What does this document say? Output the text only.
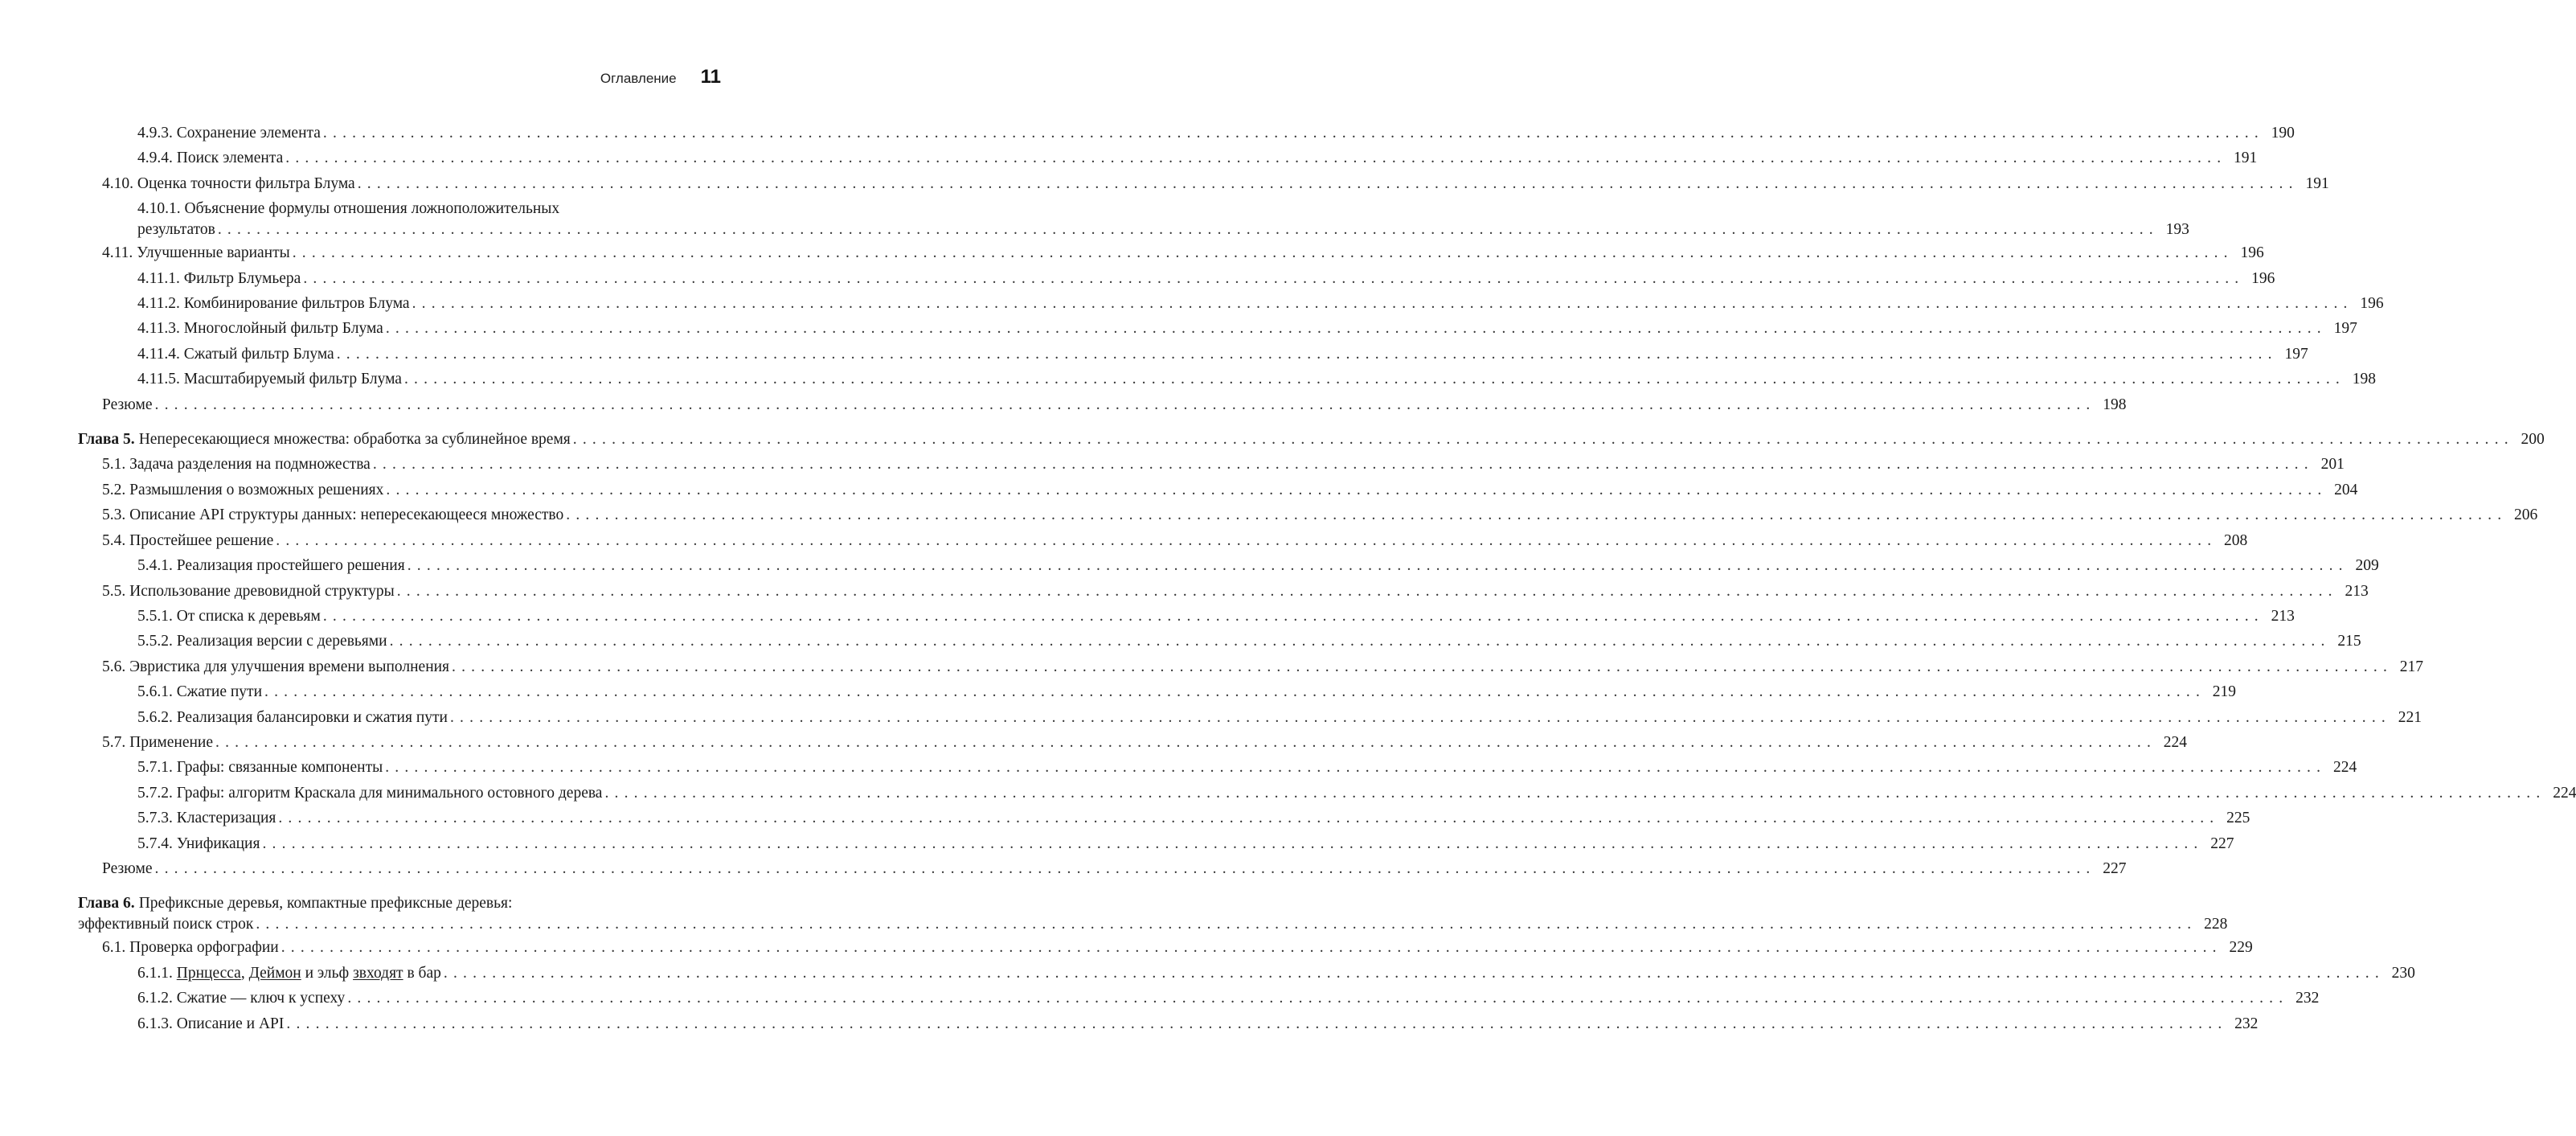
Оглавление 11
4.9.3. Сохранение элемента ........................................................................................................................................................................................................ 190
4.9.4. Поиск элемента ........................................................................................................................................................................................................ 191
4.10. Оценка точности фильтра Блума ........................................................................................................................................................................................................ 191
4.10.1. Объяснение формулы отношения ложноположительных
результатов ........................................................................................................................................................................................................ 193
4.11. Улучшенные варианты ........................................................................................................................................................................................................ 196
4.11.1. Фильтр Блумьера ........................................................................................................................................................................................................ 196
4.11.2. Комбинирование фильтров Блума ........................................................................................................................................................................................................ 196
4.11.3. Многослойный фильтр Блума ........................................................................................................................................................................................................ 197
4.11.4. Сжатый фильтр Блума ........................................................................................................................................................................................................ 197
4.11.5. Масштабируемый фильтр Блума ........................................................................................................................................................................................................ 198
Резюме ........................................................................................................................................................................................................ 198
Глава 5. Непересекающиеся множества: обработка за сублинейное время ........................................................................................................................................................................................................ 200
5.1. Задача разделения на подмножества ........................................................................................................................................................................................................ 201
5.2. Размышления о возможных решениях ........................................................................................................................................................................................................ 204
5.3. Описание API структуры данных: непересекающееся множество ........................................................................................................................................................................................................ 206
5.4. Простейшее решение ........................................................................................................................................................................................................ 208
5.4.1. Реализация простейшего решения ........................................................................................................................................................................................................ 209
5.5. Использование древовидной структуры ........................................................................................................................................................................................................ 213
5.5.1. От списка к деревьям ........................................................................................................................................................................................................ 213
5.5.2. Реализация версии с деревьями ........................................................................................................................................................................................................ 215
5.6. Эвристика для улучшения времени выполнения ........................................................................................................................................................................................................ 217
5.6.1. Сжатие пути ........................................................................................................................................................................................................ 219
5.6.2. Реализация балансировки и сжатия пути ........................................................................................................................................................................................................ 221
5.7. Применение ........................................................................................................................................................................................................ 224
5.7.1. Графы: связанные компоненты ........................................................................................................................................................................................................ 224
5.7.2. Графы: алгоритм Краскала для минимального остовного дерева ........................................................................................................................................................................................................ 224
5.7.3. Кластеризация ........................................................................................................................................................................................................ 225
5.7.4. Унификация ........................................................................................................................................................................................................ 227
Резюме ........................................................................................................................................................................................................ 227
Глава 6. Префиксные деревья, компактные префиксные деревья:
эффективный поиск строк ........................................................................................................................................................................................................ 228
6.1. Проверка орфографии ........................................................................................................................................................................................................ 229
6.1.1. Прнцесса, Деймон и эльф звходят в бар ........................................................................................................................................................................................................ 230
6.1.2. Сжатие — ключ к успеху ........................................................................................................................................................................................................ 232
6.1.3. Описание и API ........................................................................................................................................................................................................ 232
